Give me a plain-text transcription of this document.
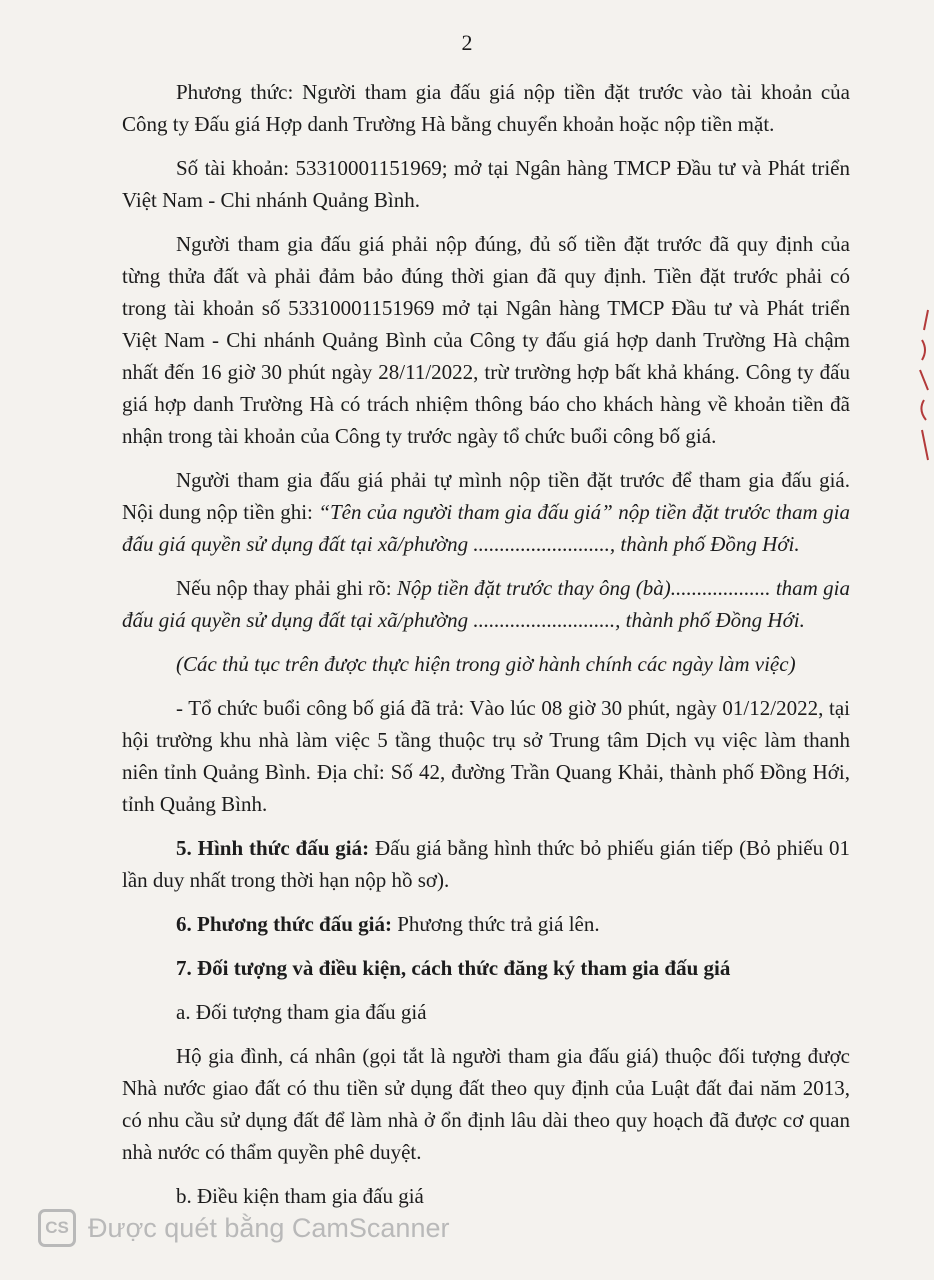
2

Phương thức: Người tham gia đấu giá nộp tiền đặt trước vào tài khoản của Công ty Đấu giá Hợp danh Trường Hà bằng chuyển khoản hoặc nộp tiền mặt.

Số tài khoản: 53310001151969; mở tại Ngân hàng TMCP Đầu tư và Phát triển Việt Nam - Chi nhánh Quảng Bình.

Người tham gia đấu giá phải nộp đúng, đủ số tiền đặt trước đã quy định của từng thửa đất và phải đảm bảo đúng thời gian đã quy định. Tiền đặt trước phải có trong tài khoản số 53310001151969 mở tại Ngân hàng TMCP Đầu tư và Phát triển Việt Nam - Chi nhánh Quảng Bình của Công ty đấu giá hợp danh Trường Hà chậm nhất đến 16 giờ 30 phút ngày 28/11/2022, trừ trường hợp bất khả kháng. Công ty đấu giá hợp danh Trường Hà có trách nhiệm thông báo cho khách hàng về khoản tiền đã nhận trong tài khoản của Công ty trước ngày tổ chức buổi công bố giá.

Người tham gia đấu giá phải tự mình nộp tiền đặt trước để tham gia đấu giá. Nội dung nộp tiền ghi: “Tên của người tham gia đấu giá” nộp tiền đặt trước tham gia đấu giá quyền sử dụng đất tại xã/phường .........................., thành phố Đồng Hới.

Nếu nộp thay phải ghi rõ: Nộp tiền đặt trước thay ông (bà)................... tham gia đấu giá quyền sử dụng đất tại xã/phường ..........................., thành phố Đồng Hới.

(Các thủ tục trên được thực hiện trong giờ hành chính các ngày làm việc)

- Tổ chức buổi công bố giá đã trả: Vào lúc 08 giờ 30 phút, ngày 01/12/2022, tại hội trường khu nhà làm việc 5 tầng thuộc trụ sở Trung tâm Dịch vụ việc làm thanh niên tỉnh Quảng Bình. Địa chỉ: Số 42, đường Trần Quang Khải, thành phố Đồng Hới, tỉnh Quảng Bình.

5. Hình thức đấu giá: Đấu giá bằng hình thức bỏ phiếu gián tiếp (Bỏ phiếu 01 lần duy nhất trong thời hạn nộp hồ sơ).

6. Phương thức đấu giá: Phương thức trả giá lên.

7. Đối tượng và điều kiện, cách thức đăng ký tham gia đấu giá

a. Đối tượng tham gia đấu giá

Hộ gia đình, cá nhân (gọi tắt là người tham gia đấu giá) thuộc đối tượng được Nhà nước giao đất có thu tiền sử dụng đất theo quy định của Luật đất đai năm 2013, có nhu cầu sử dụng đất để làm nhà ở ổn định lâu dài theo quy hoạch đã được cơ quan nhà nước có thẩm quyền phê duyệt.

b. Điều kiện tham gia đấu giá

CS Được quét bằng CamScanner
